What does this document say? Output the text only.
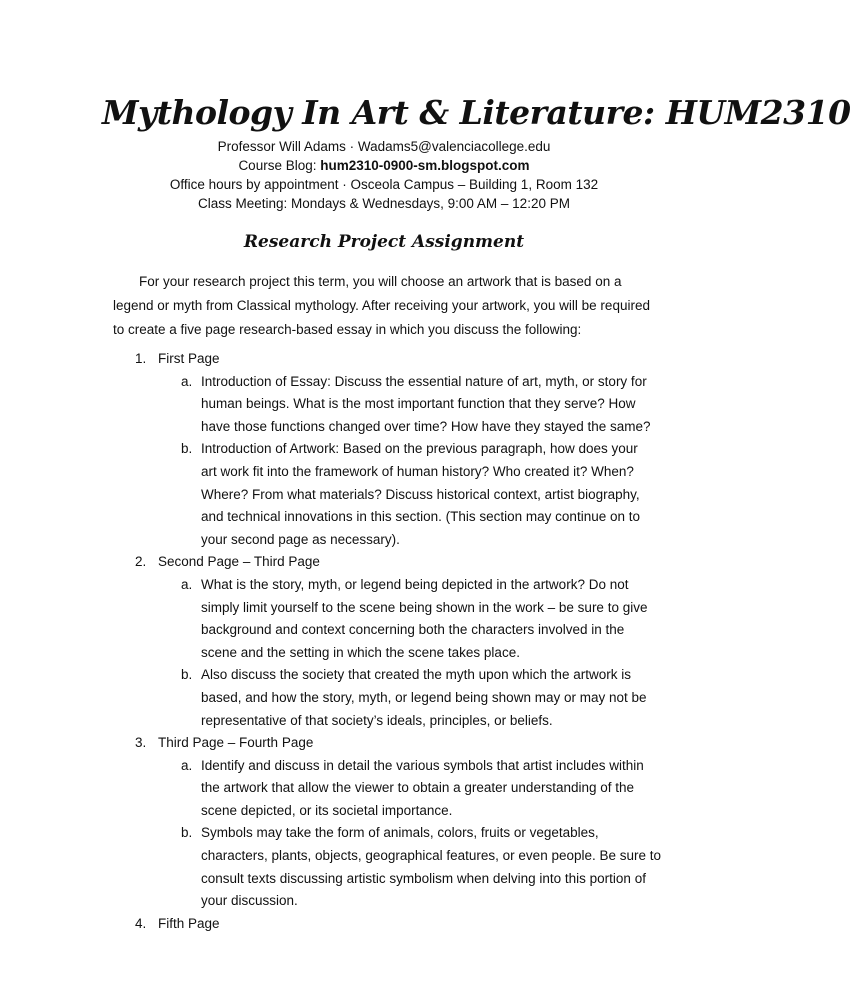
Mythology In Art & Literature: HUM2310
Professor Will Adams · Wadams5@valenciacollege.edu
Course Blog: hum2310-0900-sm.blogspot.com
Office hours by appointment · Osceola Campus – Building 1, Room 132
Class Meeting: Mondays & Wednesdays, 9:00 AM – 12:20 PM
Research Project Assignment
For your research project this term, you will choose an artwork that is based on a
legend or myth from Classical mythology. After receiving your artwork, you will be required
to create a five page research-based essay in which you discuss the following:
1. First Page
a. Introduction of Essay: Discuss the essential nature of art, myth, or story for
human beings. What is the most important function that they serve? How
have those functions changed over time? How have they stayed the same?
b. Introduction of Artwork: Based on the previous paragraph, how does your
art work fit into the framework of human history? Who created it? When?
Where? From what materials? Discuss historical context, artist biography,
and technical innovations in this section. (This section may continue on to
your second page as necessary).
2. Second Page – Third Page
a. What is the story, myth, or legend being depicted in the artwork? Do not
simply limit yourself to the scene being shown in the work – be sure to give
background and context concerning both the characters involved in the
scene and the setting in which the scene takes place.
b. Also discuss the society that created the myth upon which the artwork is
based, and how the story, myth, or legend being shown may or may not be
representative of that society’s ideals, principles, or beliefs.
3. Third Page – Fourth Page
a. Identify and discuss in detail the various symbols that artist includes within
the artwork that allow the viewer to obtain a greater understanding of the
scene depicted, or its societal importance.
b. Symbols may take the form of animals, colors, fruits or vegetables,
characters, plants, objects, geographical features, or even people. Be sure to
consult texts discussing artistic symbolism when delving into this portion of
your discussion.
4. Fifth Page
